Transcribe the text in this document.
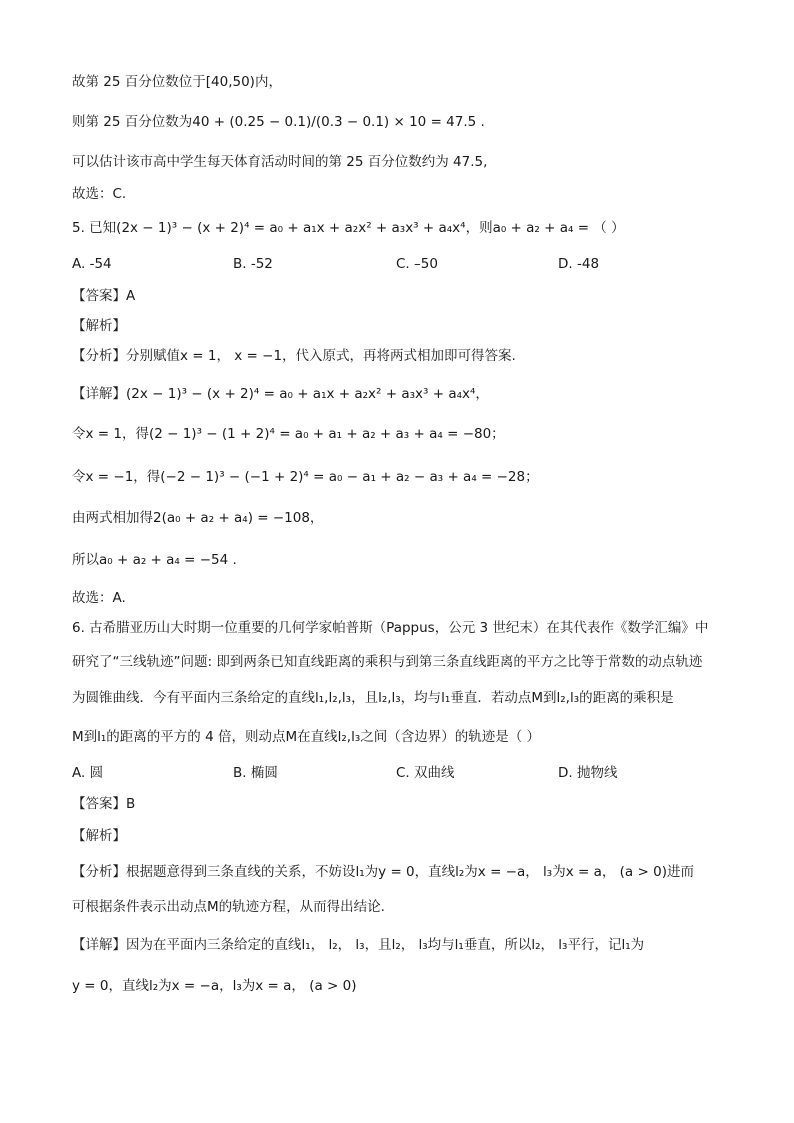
故第 25 百分位数位于[40,50)内，
则第 25 百分位数为40 + (0.25 − 0.1)/(0.3 − 0.1) × 10 = 47.5 .
可以估计该市高中学生每天体育活动时间的第 25 百分位数约为 47.5,
故选：C.
5. 已知(2x − 1)³ − (x + 2)⁴ = a₀ + a₁x + a₂x² + a₃x³ + a₄x⁴，则a₀ + a₂ + a₄ = （ ）
A. -54	B. -52	C. –50	D. -48
【答案】A
【解析】
【分析】分别赋值x = 1， x = −1，代入原式，再将两式相加即可得答案.
【详解】(2x − 1)³ − (x + 2)⁴ = a₀ + a₁x + a₂x² + a₃x³ + a₄x⁴，
令x = 1，得(2 − 1)³ − (1 + 2)⁴ = a₀ + a₁ + a₂ + a₃ + a₄ = −80；
令x = −1，得(−2 − 1)³ − (−1 + 2)⁴ = a₀ − a₁ + a₂ − a₃ + a₄ = −28；
由两式相加得2(a₀ + a₂ + a₄) = −108，
所以a₀ + a₂ + a₄ = −54 .
故选：A.
6. 古希腊亚历山大时期一位重要的几何学家帕普斯（Pappus，公元 3 世纪末）在其代表作《数学汇编》中
研究了“三线轨迹”问题: 即到两条已知直线距离的乘积与到第三条直线距离的平方之比等于常数的动点轨迹
为圆锥曲线．今有平面内三条给定的直线l₁,l₂,l₃，且l₂,l₃，均与l₁垂直．若动点M到l₂,l₃的距离的乘积是
M到l₁的距离的平方的 4 倍，则动点M在直线l₂,l₃之间（含边界）的轨迹是（ ）
A. 圆	B. 椭圆	C. 双曲线	D. 抛物线
【答案】B
【解析】
【分析】根据题意得到三条直线的关系，不妨设l₁为y = 0，直线l₂为x = −a， l₃为x = a， (a > 0)进而
可根据条件表示出动点M的轨迹方程，从而得出结论.
【详解】因为在平面内三条给定的直线l₁， l₂， l₃，且l₂， l₃均与l₁垂直，所以l₂， l₃平行，记l₁为
y = 0，直线l₂为x = −a，l₃为x = a， (a > 0)
